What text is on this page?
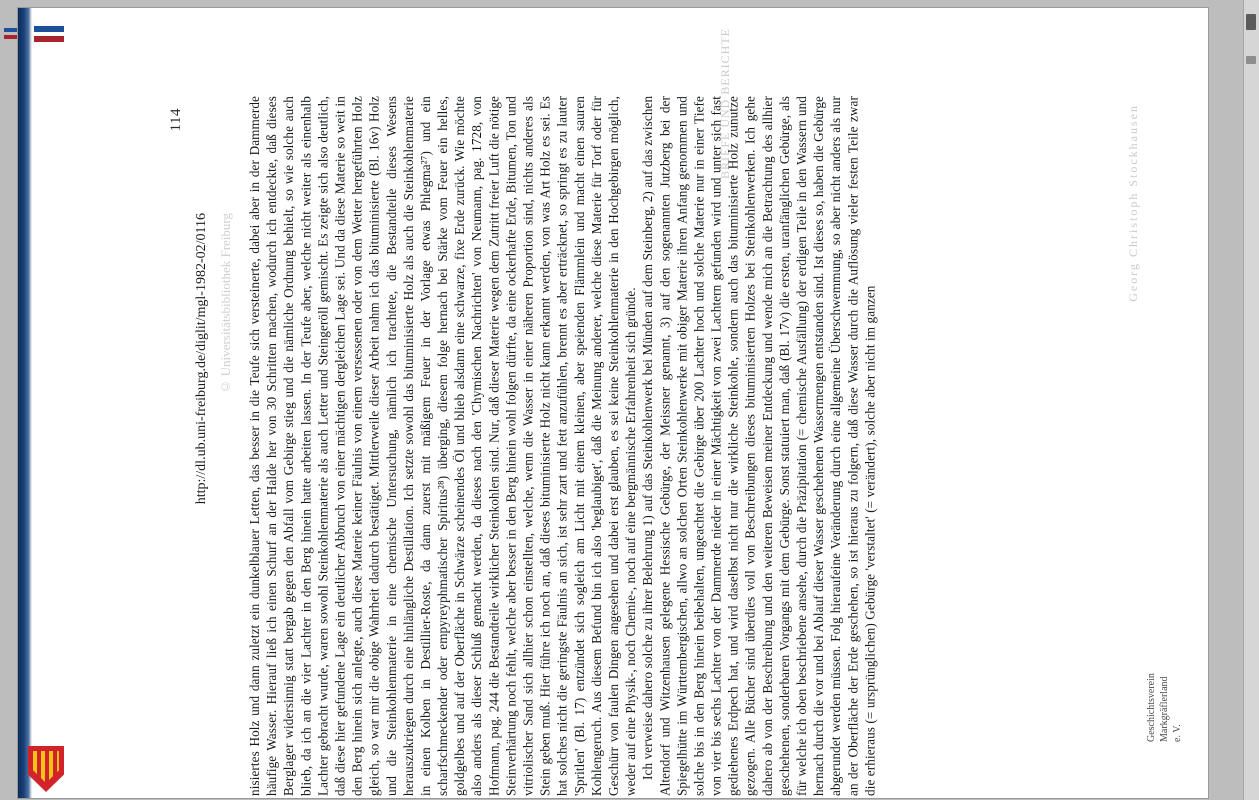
114
http://dl.ub.uni-freiburg.de/diglit/mgl-1982-02/0116 © Universitätsbibliothek Freiburg
Georg Christoph Stockhausen
BRIEFE UND BERICHTE
Geschichtsverein Markgräflerland e. V.

nisiertes Holz und dann zuletzt ein dunkelblauer Letten, das besser in die Teufe sich versteinerte, dabei aber in der Dammerde häufige Wasser. Hierauf ließ ich einen Schurf an der Halde her von 30 Schritten machen, wodurch ich entdeckte, daß dieses Berglager widersinnig statt bergab gegen den Abfall vom Gebirge stieg und die nämliche Ordnung behielt, so wie solche auch blieb, da ich an die vier Lachter in den Berg hinein hatte arbeiten lassen. In der Teufe aber, welche nicht weiter als einenhalb Lachter gebracht wurde, waren sowohl Steinkohlenmaterie als auch Letter und Steingeröll gemischt. Es zeigte sich also deutlich, daß diese hier gefundene Lage ein deutlicher Abbruch von einer mächtigen dergleichen Lage sei. Und da diese Materie so weit in den Berg hinein sich anlegte, auch diese Materie keiner Fäulnis von einem versessenen oder von dem Wetter hergeführten Holz gleich, so war mir die obige Wahrheit dadurch bestätiget. Mittlerweile dieser Arbeit nahm ich das bituminisierte (Bl. 16v) Holz und die Steinkohlenmaterie in eine chemische Untersuchung, nämlich ich trachtete, die Bestandteile dieses Wesens herauszukriegen durch eine hinlängliche Destillation. Ich setzte sowohl das bituminisierte Holz als auch die Steinkohlenmaterie in einen Kolben in Destillier-Roste, da dann zuerst mit mäßigem Feuer in der Vorlage etwas Phlegma²⁷) und ein scharfschmeckender oder empyreyphmatischer Spiritus²⁸) überging, diesem folge hernach bei Stärke vom Feuer ein helles, goldgelbes und auf der Oberfläche in Schwärze scheinendes Öl und blieb alsdann eine schwarze, fixe Erde zurück. Wie möchte also anders als dieser Schluß gemacht werden, da dieses nach den 'Chymischen Nachrichten' von Neumann, pag. 1728, von Hofmann, pag. 244 die Bestandteile wirklicher Steinkohlen sind. Nur, daß dieser Materie wegen dem Zutritt freier Luft die nötige Steinverhärtung noch fehlt, welche aber besser in den Berg hinein wohl folgen dürfte, da eine ockerhafte Erde, Bitumen, Ton und vitriolischer Sand sich allhier schon einstellten, welche, wenn die Wasser in einer näheren Proportion sind, nichts anderes als Stein geben muß. Hier führe ich noch an, daß dieses bituminisierte Holz nicht kann erkannt werden, von was Art Holz es sei. Es hat solches nicht die geringste Fäulnis an sich, ist sehr zart und fett anzufühlen, brennt es aber erträcknet, so springt es zu lauter 'Spritlen' (Bl. 17) entzündet sich sogleich am Licht mit einem kleinen, aber speienden Flämmlein und macht einen sauren Kohlengeruch. Aus diesem Befund bin ich also 'beglaubiget', daß die Meinung anderer, welche diese Materie für Torf oder für Geschürr von faulen Dingen angesehen und dabei erst glauben, es sei keine Steinkohlenmaterie in den Hochgebirgen möglich, weder auf eine Physik-, noch Chemie-, noch auf eine bergmännische Erfahrenheit sich gründe. Ich verweise dahero solche zu ihrer Belehrung 1) auf das Steinkohlenwerk bei Münden auf dem Steinberg, 2) auf das zwischen Altendorf und Witzenhausen gelegene Hessische Gebürge, der Meissner genannt, 3) auf den sogenannten Jutzberg bei der Spiegelhütte im Württembergischen, allwo an solchen Orten Steinkohlenwerke mit obiger Materie ihren Anfang genommen und solche bis in den Berg hinein beibehalten, ungeachtet die Gebirge über 200 Lachter hoch und solche Materie nur in einer Tiefe von vier bis sechs Lachter von der Dammerde nieder in einer Mächtigkeit von zwei Lachtern gefunden wird und unter sich fast gediehenes Erdpech hat, und wird daselbst nicht nur die wirkliche Steinkohle, sondern auch das bituminisierte Holz zunutze gezogen. Alle Bücher sind überdies voll von Beschreibungen dieses bituminisierten Holzes bei Steinkohlenwerken. Ich gehe dahero ab von der Beschreibung und den weiteren Beweisen meiner Entdeckung und wende mich an die Betrachtung des allhier geschehenen, sonderbaren Vorgangs mit dem Gebürge. Sonst statuiert man, daß (Bl. 17v) die ersten, uranfänglichen Gebürge, als für welche ich oben beschriebene ansehe, durch die Präzipitation (= chemische Ausfällung) der erdigen Teile in den Wassern und hernach durch die vor und bei Ablauf dieser Wasser geschehenen Wassermengen entstanden sind. Ist dieses so, haben die Gebürge abgerundet werden müssen. Folg hieraufeine Veränderung durch eine allgemeine Überschwemmung, so aber nicht anders als nur an der Oberfläche der Erde geschehen, so ist hieraus zu folgern, daß diese Wasser durch die Auflösung vieler festen Teile zwar die erhieraus (= ursprünglichen) Gebürge 'verstaltet' (= verändert), solche aber nicht im ganzen
